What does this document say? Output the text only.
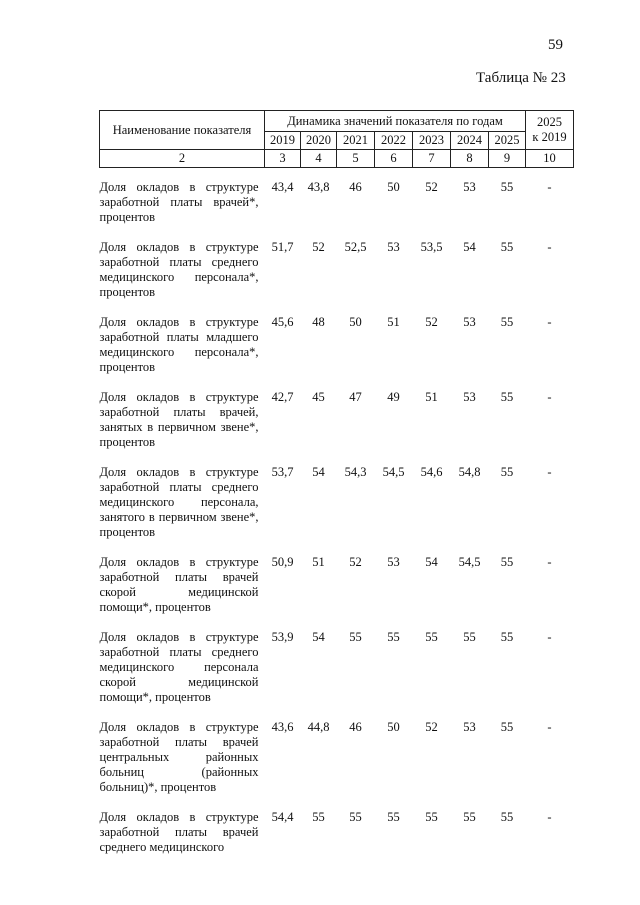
59
Таблица № 23
Наименование показателя	Динамика значений показателя по годам							2025
к 2019
	2019	2020	2021	2022	2023	2024	2025	
2	3	4	5	6	7	8	9	10
Доля окладов в структуре заработной платы врачей*, процентов	43,4	43,8	46	50	52	53	55	-
Доля окладов в структуре заработной платы среднего медицинского персонала*, процентов	51,7	52	52,5	53	53,5	54	55	-
Доля окладов в структуре заработной платы младшего медицинского персонала*, процентов	45,6	48	50	51	52	53	55	-
Доля окладов в структуре заработной платы врачей, занятых в первичном звене*, процентов	42,7	45	47	49	51	53	55	-
Доля окладов в структуре заработной платы среднего медицинского персонала, занятого в первичном звене*, процентов	53,7	54	54,3	54,5	54,6	54,8	55	-
Доля окладов в структуре заработной платы врачей скорой медицинской помощи*, процентов	50,9	51	52	53	54	54,5	55	-
Доля окладов в структуре заработной платы среднего медицинского персонала скорой медицинской помощи*, процентов	53,9	54	55	55	55	55	55	-
Доля окладов в структуре заработной платы врачей центральных районных больниц (районных больниц)*, процентов	43,6	44,8	46	50	52	53	55	-
Доля окладов в структуре заработной платы врачей среднего медицинского	54,4	55	55	55	55	55	55	-
